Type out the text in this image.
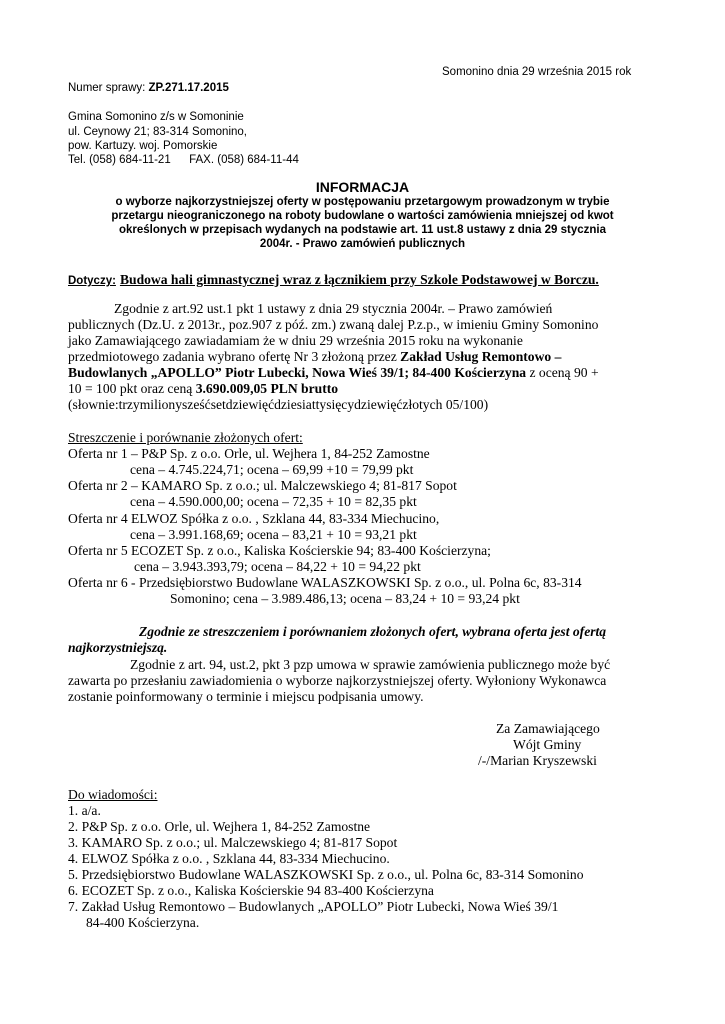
Somonino dnia 29 września 2015 rok
Numer sprawy: ZP.271.17.2015
Gmina Somonino z/s w Somoninie
ul. Ceynowy 21; 83-314 Somonino,
pow. Kartuzy. woj. Pomorskie
Tel. (058) 684-11-21 FAX. (058) 684-11-44
INFORMACJA
o wyborze najkorzystniejszej oferty w postępowaniu przetargowym prowadzonym w trybie
przetargu nieograniczonego na roboty budowlane o wartości zamówienia mniejszej od kwot
określonych w przepisach wydanych na podstawie art. 11 ust.8 ustawy z dnia 29 stycznia
2004r. - Prawo zamówień publicznych
Dotyczy: Budowa hali gimnastycznej wraz z łącznikiem przy Szkole Podstawowej w Borczu.
Zgodnie z art.92 ust.1 pkt 1 ustawy z dnia 29 stycznia 2004r. – Prawo zamówień
publicznych (Dz.U. z 2013r., poz.907 z póź. zm.) zwaną dalej P.z.p., w imieniu Gminy Somonino
jako Zamawiającego zawiadamiam że w dniu 29 września 2015 roku na wykonanie
przedmiotowego zadania wybrano ofertę Nr 3 złożoną przez Zakład Usług Remontowo –
Budowlanych „APOLLO” Piotr Lubecki, Nowa Wieś 39/1; 84-400 Kościerzyna z oceną 90 +
10 = 100 pkt oraz ceną 3.690.009,05 PLN brutto
(słownie:trzymilionysześćsetdziewięćdziesiattysięcydziewięćzłotych 05/100)
Streszczenie i porównanie złożonych ofert:
Oferta nr 1 – P&P Sp. z o.o. Orle, ul. Wejhera 1, 84-252 Zamostne
cena – 4.745.224,71; ocena – 69,99 +10 = 79,99 pkt
Oferta nr 2 – KAMARO Sp. z o.o.; ul. Malczewskiego 4; 81-817 Sopot
cena – 4.590.000,00; ocena – 72,35 + 10 = 82,35 pkt
Oferta nr 4 ELWOZ Spółka z o.o. , Szklana 44, 83-334 Miechucino,
cena – 3.991.168,69; ocena – 83,21 + 10 = 93,21 pkt
Oferta nr 5 ECOZET Sp. z o.o., Kaliska Kościerskie 94; 83-400 Kościerzyna;
cena – 3.943.393,79; ocena – 84,22 + 10 = 94,22 pkt
Oferta nr 6 - Przedsiębiorstwo Budowlane WALASZKOWSKI Sp. z o.o., ul. Polna 6c, 83-314
Somonino; cena – 3.989.486,13; ocena – 83,24 + 10 = 93,24 pkt
Zgodnie ze streszczeniem i porównaniem złożonych ofert, wybrana oferta jest ofertą
najkorzystniejszą.
Zgodnie z art. 94, ust.2, pkt 3 pzp umowa w sprawie zamówienia publicznego może być
zawarta po przesłaniu zawiadomienia o wyborze najkorzystniejszej oferty. Wyłoniony Wykonawca
zostanie poinformowany o terminie i miejscu podpisania umowy.
Za Zamawiającego
Wójt Gminy
/-/Marian Kryszewski
Do wiadomości:
1. a/a.
2. P&P Sp. z o.o. Orle, ul. Wejhera 1, 84-252 Zamostne
3. KAMARO Sp. z o.o.; ul. Malczewskiego 4; 81-817 Sopot
4. ELWOZ Spółka z o.o. , Szklana 44, 83-334 Miechucino.
5. Przedsiębiorstwo Budowlane WALASZKOWSKI Sp. z o.o., ul. Polna 6c, 83-314 Somonino
6. ECOZET Sp. z o.o., Kaliska Kościerskie 94 83-400 Kościerzyna
7. Zakład Usług Remontowo – Budowlanych „APOLLO” Piotr Lubecki, Nowa Wieś 39/1
84-400 Kościerzyna.
